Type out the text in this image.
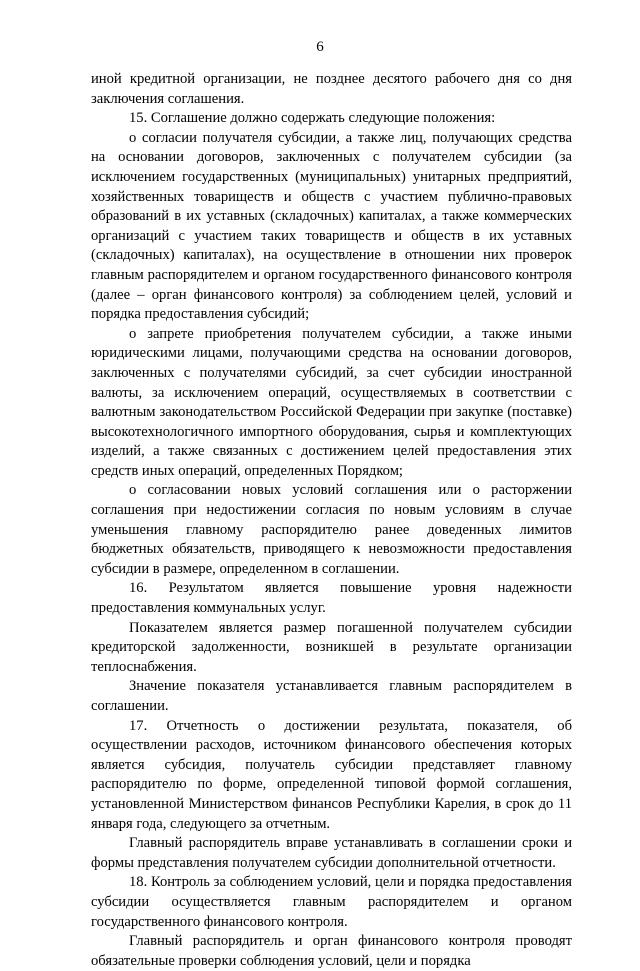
6

иной кредитной организации, не позднее десятого рабочего дня со дня заключения соглашения.

15. Соглашение должно содержать следующие положения:

о согласии получателя субсидии, а также лиц, получающих средства на основании договоров, заключенных с получателем субсидии (за исключением государственных (муниципальных) унитарных предприятий, хозяйственных товариществ и обществ с участием публично-правовых образований в их уставных (складочных) капиталах, а также коммерческих организаций с участием таких товариществ и обществ в их уставных (складочных) капиталах), на осуществление в отношении них проверок главным распорядителем и органом государственного финансового контроля (далее – орган финансового контроля) за соблюдением целей, условий и порядка предоставления субсидий;

о запрете приобретения получателем субсидии, а также иными юридическими лицами, получающими средства на основании договоров, заключенных с получателями субсидий, за счет субсидии иностранной валюты, за исключением операций, осуществляемых в соответствии с валютным законодательством Российской Федерации при закупке (поставке) высокотехнологичного импортного оборудования, сырья и комплектующих изделий, а также связанных с достижением целей предоставления этих средств иных операций, определенных Порядком;

о согласовании новых условий соглашения или о расторжении соглашения при недостижении согласия по новым условиям в случае уменьшения главному распорядителю ранее доведенных лимитов бюджетных обязательств, приводящего к невозможности предоставления субсидии в размере, определенном в соглашении.

16. Результатом является повышение уровня надежности предоставления коммунальных услуг.

Показателем является размер погашенной получателем субсидии кредиторской задолженности, возникшей в результате организации теплоснабжения.

Значение показателя устанавливается главным распорядителем в соглашении.

17. Отчетность о достижении результата, показателя, об осуществлении расходов, источником финансового обеспечения которых является субсидия, получатель субсидии представляет главному распорядителю по форме, определенной типовой формой соглашения, установленной Министерством финансов Республики Карелия, в срок до 11 января года, следующего за отчетным.

Главный распорядитель вправе устанавливать в соглашении сроки и формы представления получателем субсидии дополнительной отчетности.

18. Контроль за соблюдением условий, цели и порядка предоставления субсидии осуществляется главным распорядителем и органом государственного финансового контроля.

Главный распорядитель и орган финансового контроля проводят обязательные проверки соблюдения условий, цели и порядка
